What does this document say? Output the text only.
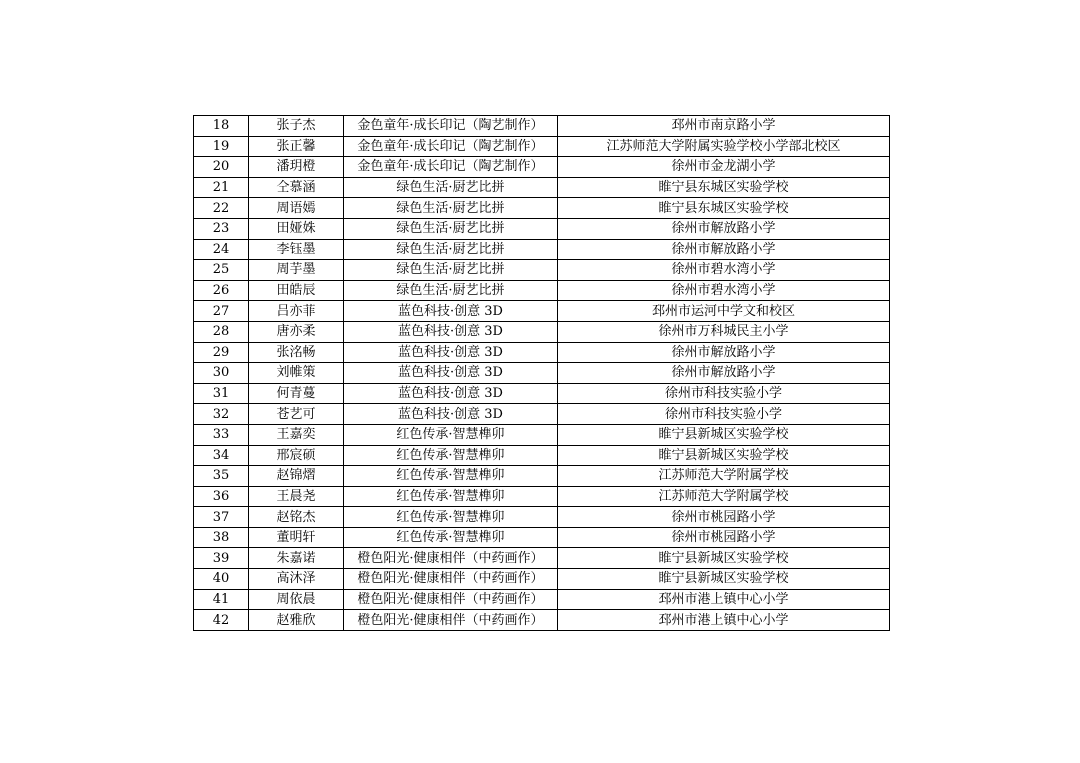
18	张子杰	金色童年·成长印记（陶艺制作）	邳州市南京路小学
19	张正馨	金色童年·成长印记（陶艺制作）	江苏师范大学附属实验学校小学部北校区
20	潘玥橙	金色童年·成长印记（陶艺制作）	徐州市金龙湖小学
21	仝慕涵	绿色生活·厨艺比拼	睢宁县东城区实验学校
22	周语嫣	绿色生活·厨艺比拼	睢宁县东城区实验学校
23	田娅姝	绿色生活·厨艺比拼	徐州市解放路小学
24	李钰墨	绿色生活·厨艺比拼	徐州市解放路小学
25	周芋墨	绿色生活·厨艺比拼	徐州市碧水湾小学
26	田皓辰	绿色生活·厨艺比拼	徐州市碧水湾小学
27	吕亦菲	蓝色科技·创意 3D	邳州市运河中学文和校区
28	唐亦柔	蓝色科技·创意 3D	徐州市万科城民主小学
29	张洺畅	蓝色科技·创意 3D	徐州市解放路小学
30	刘帷策	蓝色科技·创意 3D	徐州市解放路小学
31	何青蔓	蓝色科技·创意 3D	徐州市科技实验小学
32	苍艺可	蓝色科技·创意 3D	徐州市科技实验小学
33	王嘉奕	红色传承·智慧榫卯	睢宁县新城区实验学校
34	邢宸硕	红色传承·智慧榫卯	睢宁县新城区实验学校
35	赵锦熠	红色传承·智慧榫卯	江苏师范大学附属学校
36	王晨尧	红色传承·智慧榫卯	江苏师范大学附属学校
37	赵铭杰	红色传承·智慧榫卯	徐州市桃园路小学
38	董明轩	红色传承·智慧榫卯	徐州市桃园路小学
39	朱嘉诺	橙色阳光·健康相伴（中药画作）	睢宁县新城区实验学校
40	高沐泽	橙色阳光·健康相伴（中药画作）	睢宁县新城区实验学校
41	周依晨	橙色阳光·健康相伴（中药画作）	邳州市港上镇中心小学
42	赵雅欣	橙色阳光·健康相伴（中药画作）	邳州市港上镇中心小学
